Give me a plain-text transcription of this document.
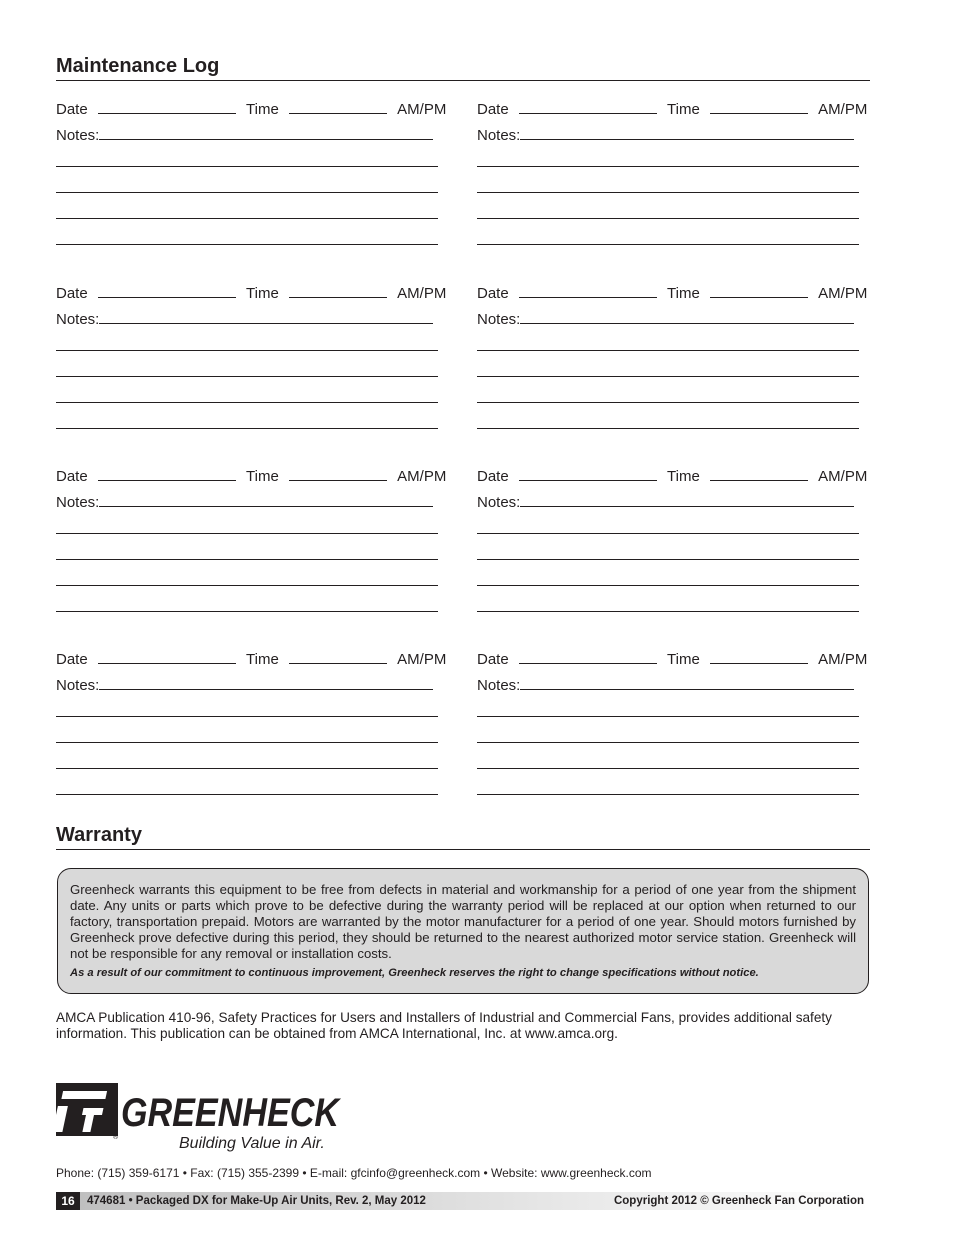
Maintenance Log
Date	Time	AM/PM
Notes:
Date	Time	AM/PM
Notes:
Date	Time	AM/PM
Notes:
Date	Time	AM/PM
Notes:
Date	Time	AM/PM
Notes:
Date	Time	AM/PM
Notes:
Date	Time	AM/PM
Notes:
Date	Time	AM/PM
Notes:
Warranty

Greenheck warrants this equipment to be free from defects in material and workmanship for a period of one year from the shipment date. Any units or parts which prove to be defective during the warranty period will be replaced at our option when returned to our factory, transportation prepaid. Motors are warranted by the motor manufacturer for a period of one year. Should motors furnished by Greenheck prove defective during this period, they should be returned to the nearest authorized motor service station. Greenheck will not be responsible for any removal or installation costs.

As a result of our commitment to continuous improvement, Greenheck reserves the right to change specifications without notice.

AMCA Publication 410-96, Safety Practices for Users and Installers of Industrial and Commercial Fans, provides additional safety information. This publication can be obtained from AMCA International, Inc. at www.amca.org.

®
GREENHECK
Building Value in Air.
Phone: (715) 359-6171 • Fax: (715) 355-2399 • E-mail: gfcinfo@greenheck.com • Website: www.greenheck.com
16	474681 • Packaged DX for Make-Up Air Units, Rev. 2, May 2012	Copyright 2012 © Greenheck Fan Corporation
